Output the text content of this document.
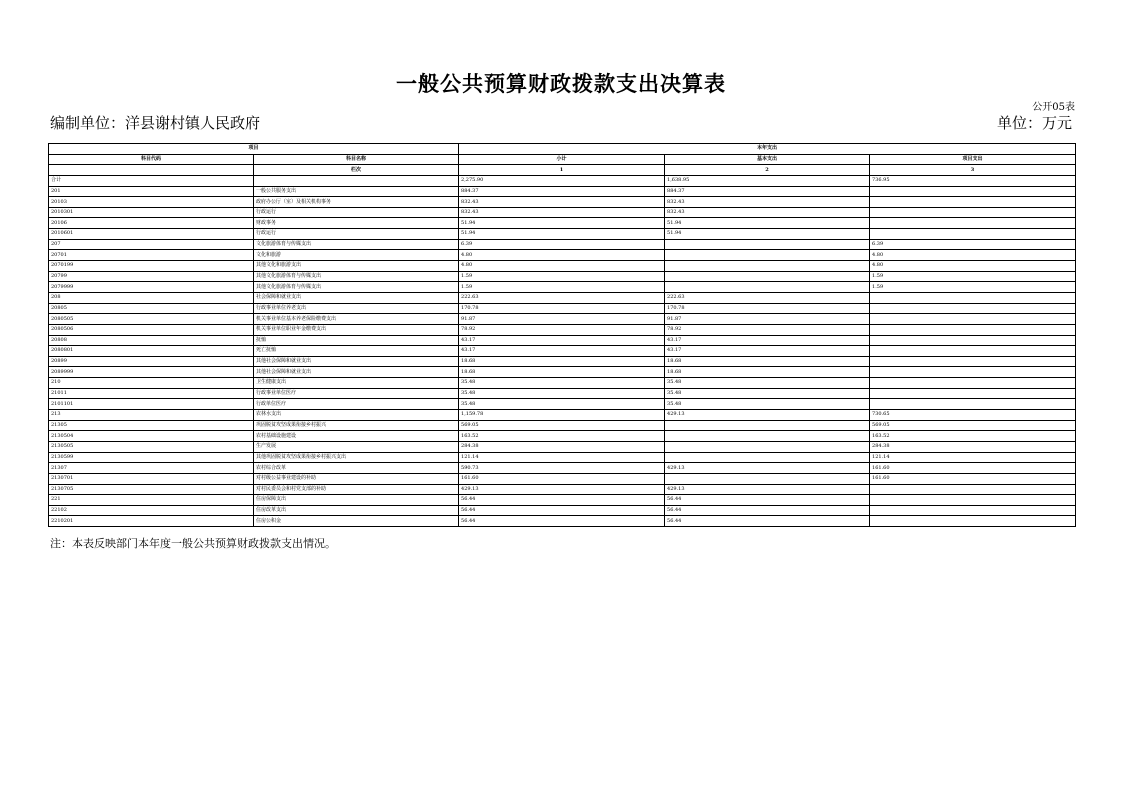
一般公共预算财政拨款支出决算表
公开05表
编制单位：洋县谢村镇人民政府	单位：万元
项目		本年支出		
科目代码	科目名称	小计	基本支出	项目支出
	栏次	1	2	3
合计		2,275.90	1,638.95	736.95
201	一般公共服务支出	884.37	884.37	
20103	政府办公厅（室）及相关机构事务	832.43	832.43	
2010301	行政运行	832.43	832.43	
20106	财政事务	51.94	51.94	
2010601	行政运行	51.94	51.94	
207	文化旅游体育与传媒支出	6.39		6.39
20701	文化和旅游	4.80		4.80
2070199	其他文化和旅游支出	4.80		4.80
20799	其他文化旅游体育与传媒支出	1.59		1.59
2079999	其他文化旅游体育与传媒支出	1.59		1.59
208	社会保障和就业支出	222.63	222.63	
20805	行政事业单位养老支出	170.78	170.78	
2080505	机关事业单位基本养老保险缴费支出	91.87	91.87	
2080506	机关事业单位职业年金缴费支出	78.92	78.92	
20808	抚恤	43.17	43.17	
2080801	死亡抚恤	43.17	43.17	
20899	其他社会保障和就业支出	18.68	18.68	
2089999	其他社会保障和就业支出	18.68	18.68	
210	卫生健康支出	35.48	35.48	
21011	行政事业单位医疗	35.48	35.48	
2101101	行政单位医疗	35.48	35.48	
213	农林水支出	1,159.78	429.13	730.65
21305	巩固脱贫攻坚成果衔接乡村振兴	569.05		569.05
2130504	农村基础设施建设	163.52		163.52
2130505	生产发展	284.38		284.38
2130599	其他巩固脱贫攻坚成果衔接乡村振兴支出	121.14		121.14
21307	农村综合改革	590.73	429.13	161.60
2130701	对村级公益事业建设的补助	161.60		161.60
2130705	对村民委员会和村党支部的补助	429.13	429.13	
221	住房保障支出	56.44	56.44	
22102	住房改革支出	56.44	56.44	
2210201	住房公积金	56.44	56.44	
注：本表反映部门本年度一般公共预算财政拨款支出情况。
